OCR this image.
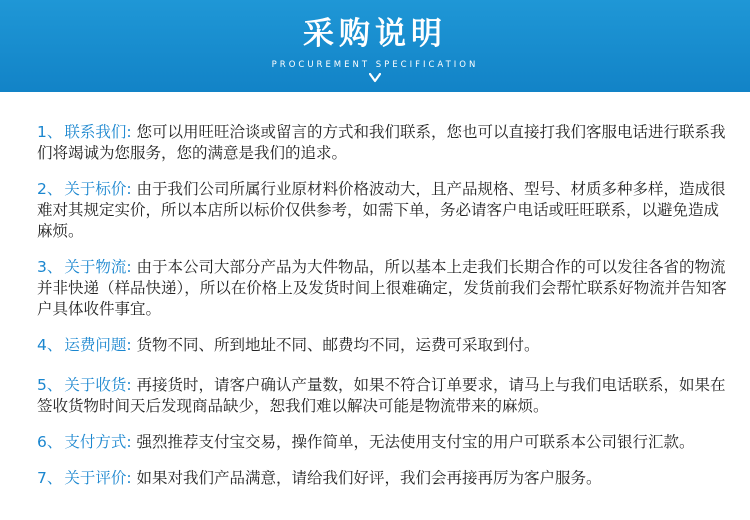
采购说明
PROCUREMENT SPECIFICATION
1、 联系我们: 您可以用旺旺洽谈或留言的方式和我们联系，您也可以直接打我们客服电话进行联系我们将竭诚为您服务，您的满意是我们的追求。
2、 关于标价: 由于我们公司所属行业原材料价格波动大，且产品规格、型号、材质多种多样，造成很难对其规定实价，所以本店所以标价仅供参考，如需下单，务必请客户电话或旺旺联系，以避免造成麻烦。
3、 关于物流: 由于本公司大部分产品为大件物品，所以基本上走我们长期合作的可以发往各省的物流并非快递（样品快递），所以在价格上及发货时间上很难确定，发货前我们会帮忙联系好物流并告知客户具体收件事宜。
4、 运费问题: 货物不同、所到地址不同、邮费均不同，运费可采取到付。
5、 关于收货: 再接货时，请客户确认产量数，如果不符合订单要求，请马上与我们电话联系，如果在签收货物时间天后发现商品缺少，恕我们难以解决可能是物流带来的麻烦。
6、 支付方式: 强烈推荐支付宝交易，操作简单，无法使用支付宝的用户可联系本公司银行汇款。
7、 关于评价: 如果对我们产品满意，请给我们好评，我们会再接再厉为客户服务。
